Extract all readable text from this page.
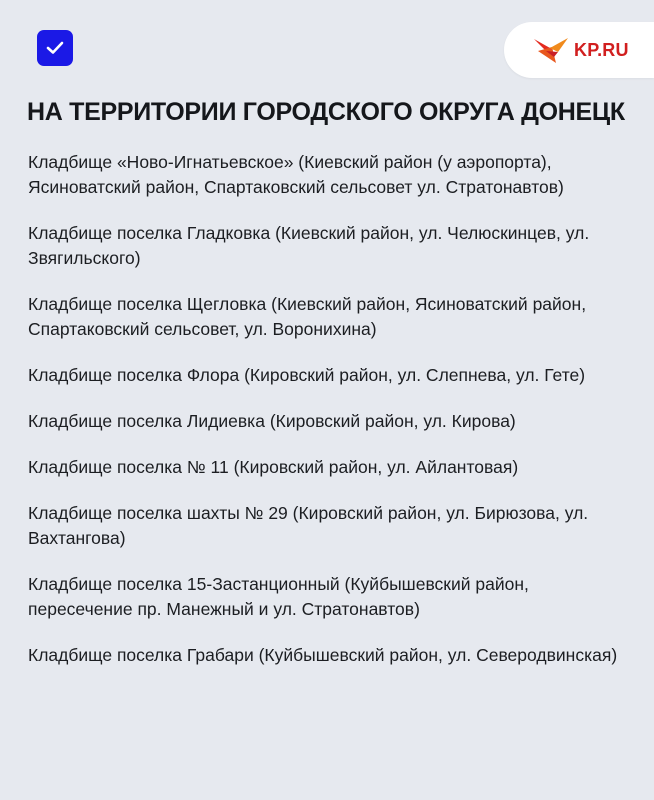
KP.RU
НА ТЕРРИТОРИИ ГОРОДСКОГО ОКРУГА ДОНЕЦК
Кладбище «Ново-Игнатьевское» (Киевский район (у аэропорта), Ясиноватский район, Спартаковский сельсовет ул. Стратонавтов)
Кладбище поселка Гладковка (Киевский район, ул. Челюскинцев, ул. Звягильского)
Кладбище поселка Щегловка (Киевский район, Ясиноватский район, Спартаковский сельсовет, ул. Воронихина)
Кладбище поселка Флора (Кировский район, ул. Слепнева, ул. Гете)
Кладбище поселка Лидиевка (Кировский район, ул. Кирова)
Кладбище поселка № 11 (Кировский район, ул. Айлантовая)
Кладбище поселка шахты № 29 (Кировский район, ул. Бирюзова, ул. Вахтангова)
Кладбище поселка 15-Застанционный (Куйбышевский район, пересечение пр. Манежный и ул. Стратонавтов)
Кладбище поселка Грабари (Куйбышевский район, ул. Северодвинская)
